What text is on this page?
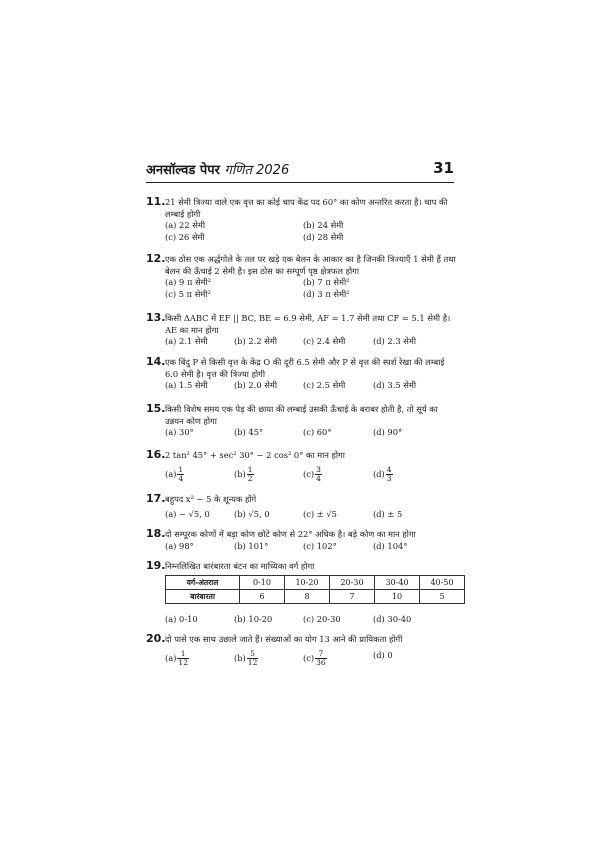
अनसॉल्वड पेपर गणित 2026	31
11. 21 सेमी त्रिज्या वाले एक वृत्त का कोई चाप केंद्र पद 60° का कोण अन्तरित करता है। चाप की लम्बाई होगी
(a) 22 सेमी	(b) 24 सेमी
(c) 26 सेमी	(d) 28 सेमी
12. एक ठोस एक अर्द्धगोले के तल पर खड़े एक बेलन के आकार का है जिनकी त्रिज्याएँ 1 सेमी हैं तथा बेलन की ऊँचाई 2 सेमी है। इस ठोस का सम्पूर्ण पृष्ठ क्षेत्रफल होगा
(a) 9 π सेमी²	(b) 7 π सेमी²
(c) 5 π सेमी²	(d) 3 π सेमी²
13. किसी ΔABC में EF || BC, BE = 6.9 सेमी, AF = 1.7 सेमी तथा CF = 5.1 सेमी है। AE का मान होगा
(a) 2.1 सेमी	(b) 2.2 सेमी	(c) 2.4 सेमी	(d) 2.3 सेमी
14. एक बिंदु P से किसी वृत्त के केंद्र O की दूरी 6.5 सेमी और P से वृत्त की स्पर्श रेखा की लम्बाई 6.0 सेमी है। वृत्त की त्रिज्या होगी
(a) 1.5 सेमी	(b) 2.0 सेमी	(c) 2.5 सेमी	(d) 3.5 सेमी
15. किसी विशेष समय एक पेड़ की छाया की लम्बाई उसकी ऊँचाई के बराबर होती है, तो सूर्य का उन्नयन कोण होगा
(a) 30°	(b) 45°	(c) 60°	(d) 90°
16. 2 tan² 45° + sec² 30° − 2 cos² 0° का मान होगा
$(a) \frac{1}{4}$	$(b) \frac{1}{2}$	$(c) \frac{3}{4}$	$(d) \frac{4}{3}$
17. बहुपद x² − 5 के शून्यक होंगे
(a) − √5, 0	(b) √5, 0	(c) ± √5	(d) ± 5
18. दो सम्पूरक कोणों में बड़ा कोण छोटे कोण से 22° अधिक है। बड़े कोण का मान होगा
(a) 98°	(b) 101°	(c) 102°	(d) 104°
19. निम्नलिखित बारंबारता बंटन का माध्यिका वर्ग होगा
वर्ग-अंतराल	0-10	10-20	20-30	30-40	40-50
बारंबारता	6	8	7	10	5
(a) 0-10	(b) 10-20	(c) 20-30	(d) 30-40
20. दो पासे एक साथ उछाले जाते हैं। संख्याओं का योग 13 आने की प्रायिकता होगी
$(a) \frac{1}{12}$	$(b) \frac{5}{12}$	$(c) \frac{7}{36}$	(d) 0
